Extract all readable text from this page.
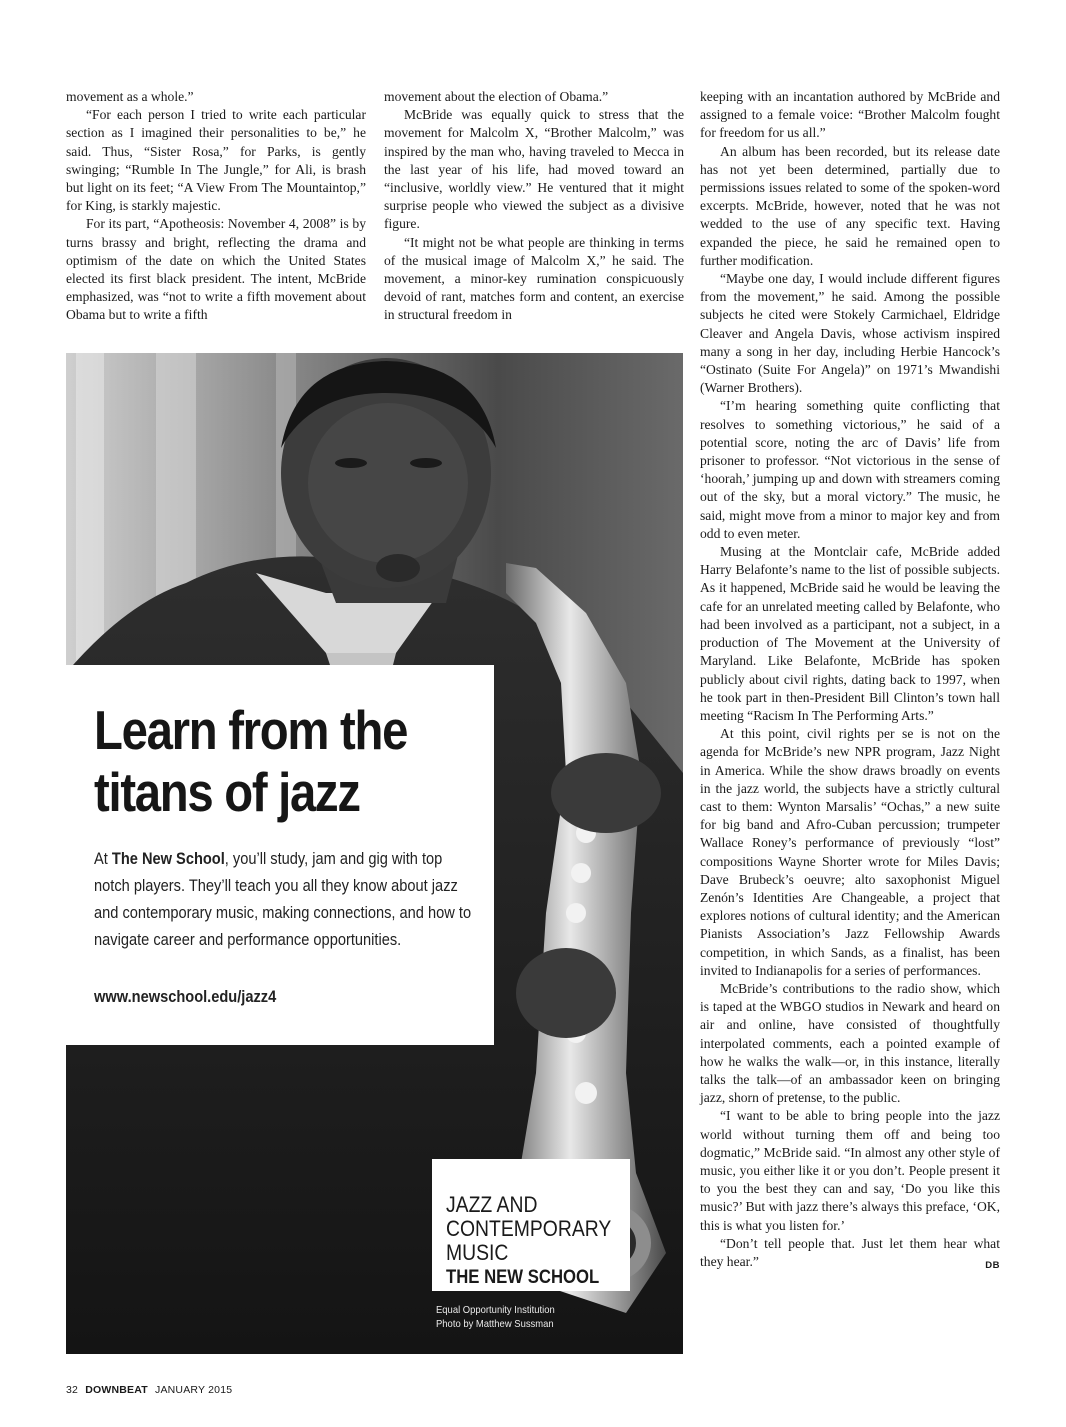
movement as a whole.”

“For each person I tried to write each particular section as I imagined their personalities to be,” he said. Thus, “Sister Rosa,” for Parks, is gently swinging; “Rumble In The Jungle,” for Ali, is brash but light on its feet; “A View From The Mountaintop,” for King, is starkly majestic.

For its part, “Apotheosis: November 4, 2008” is by turns brassy and bright, reflecting the drama and optimism of the date on which the United States elected its first black president. The intent, McBride emphasized, was “not to write a fifth movement about Obama but to write a fifth

movement about the election of Obama.”

McBride was equally quick to stress that the movement for Malcolm X, “Brother Malcolm,” was inspired by the man who, having traveled to Mecca in the last year of his life, had moved toward an “inclusive, worldly view.” He ventured that it might surprise people who viewed the subject as a divisive figure.

“It might not be what people are thinking in terms of the musical image of Malcolm X,” he said. The movement, a minor-key rumination conspicuously devoid of rant, matches form and content, an exercise in structural freedom in

keeping with an incantation authored by McBride and assigned to a female voice: “Brother Malcolm fought for freedom for us all.”

An album has been recorded, but its release date has not yet been determined, partially due to permissions issues related to some of the spoken-word excerpts. McBride, however, noted that he was not wedded to the use of any specific text. Having expanded the piece, he said he remained open to further modification.

“Maybe one day, I would include different figures from the movement,” he said. Among the possible subjects he cited were Stokely Carmichael, Eldridge Cleaver and Angela Davis, whose activism inspired many a song in her day, including Herbie Hancock’s “Ostinato (Suite For Angela)” on 1971’s Mwandishi (Warner Brothers).

“I’m hearing something quite conflicting that resolves to something victorious,” he said of a potential score, noting the arc of Davis’ life from prisoner to professor. “Not victorious in the sense of ‘hoorah,’ jumping up and down with streamers coming out of the sky, but a moral victory.” The music, he said, might move from a minor to major key and from odd to even meter.

Musing at the Montclair cafe, McBride added Harry Belafonte’s name to the list of possible subjects. As it happened, McBride said he would be leaving the cafe for an unrelated meeting called by Belafonte, who had been involved as a participant, not a subject, in a production of The Movement at the University of Maryland. Like Belafonte, McBride has spoken publicly about civil rights, dating back to 1997, when he took part in then-President Bill Clinton’s town hall meeting “Racism In The Performing Arts.”

At this point, civil rights per se is not on the agenda for McBride’s new NPR program, Jazz Night in America. While the show draws broadly on events in the jazz world, the subjects have a strictly cultural cast to them: Wynton Marsalis’ “Ochas,” a new suite for big band and Afro-Cuban percussion; trumpeter Wallace Roney’s performance of previously “lost” compositions Wayne Shorter wrote for Miles Davis; Dave Brubeck’s oeuvre; alto saxophonist Miguel Zenón’s Identities Are Changeable, a project that explores notions of cultural identity; and the American Pianists Association’s Jazz Fellowship Awards competition, in which Sands, as a finalist, has been invited to Indianapolis for a series of performances.

McBride’s contributions to the radio show, which is taped at the WBGO studios in Newark and heard on air and online, have consisted of thoughtfully interpolated comments, each a pointed example of how he walks the walk—or, in this instance, literally talks the talk—of an ambassador keen on bringing jazz, shorn of pretense, to the public.

“I want to be able to bring people into the jazz world without turning them off and being too dogmatic,” McBride said. “In almost any other style of music, you either like it or you don’t. People present it to you the best they can and say, ‘Do you like this music?’ But with jazz there’s always this preface, ‘OK, this is what you listen for.’

“Don’t tell people that. Just let them hear what they hear.”	DB

Learn from the
titans of jazz
At The New School, you’ll study, jam and gig with top notch players. They’ll teach you all they know about jazz and contemporary music, making connections, and how to navigate career and performance opportunities.
www.newschool.edu/jazz4
JAZZ AND
CONTEMPORARY
MUSIC
THE NEW SCHOOL
Equal Opportunity Institution
Photo by Matthew Sussman
32 DOWNBEAT JANUARY 2015
